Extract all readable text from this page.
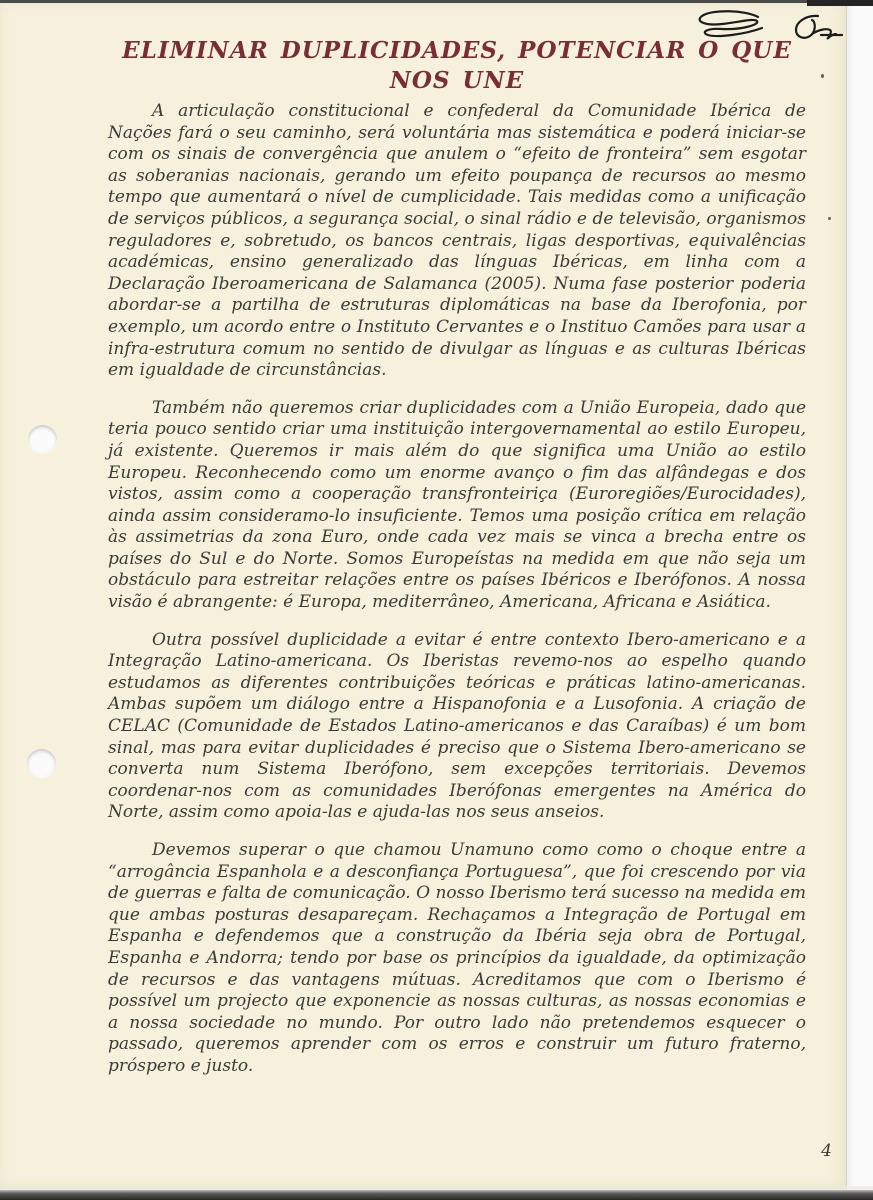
ELIMINAR DUPLICIDADES, POTENCIAR O QUE NOS UNE

A articulação constitucional e confederal da Comunidade Ibérica de Nações fará o seu caminho, será voluntária mas sistemática e poderá iniciar-se com os sinais de convergência que anulem o “efeito de fronteira” sem esgotar as soberanias nacionais, gerando um efeito poupança de recursos ao mesmo tempo que aumentará o nível de cumplicidade. Tais medidas como a unificação de serviços públicos, a segurança social, o sinal rádio e de televisão, organismos reguladores e, sobretudo, os bancos centrais, ligas desportivas, equivalências académicas, ensino generalizado das línguas Ibéricas, em linha com a Declaração Iberoamericana de Salamanca (2005). Numa fase posterior poderia abordar-se a partilha de estruturas diplomáticas na base da Iberofonia, por exemplo, um acordo entre o Instituto Cervantes e o Instituo Camões para usar a infra-estrutura comum no sentido de divulgar as línguas e as culturas Ibéricas em igualdade de circunstâncias.

Também não queremos criar duplicidades com a União Europeia, dado que teria pouco sentido criar uma instituição intergovernamental ao estilo Europeu, já existente. Queremos ir mais além do que significa uma União ao estilo Europeu. Reconhecendo como um enorme avanço o fim das alfândegas e dos vistos, assim como a cooperação transfronteiriça (Euroregiões/Eurocidades), ainda assim consideramo-lo insuficiente. Temos uma posição crítica em relação às assimetrias da zona Euro, onde cada vez mais se vinca a brecha entre os países do Sul e do Norte. Somos Europeístas na medida em que não seja um obstáculo para estreitar relações entre os países Ibéricos e Iberófonos. A nossa visão é abrangente: é Europa, mediterrâneo, Americana, Africana e Asiática.

Outra possível duplicidade a evitar é entre contexto Ibero-americano e a Integração Latino-americana. Os Iberistas revemo-nos ao espelho quando estudamos as diferentes contribuições teóricas e práticas latino-americanas. Ambas supõem um diálogo entre a Hispanofonia e a Lusofonia. A criação de CELAC (Comunidade de Estados Latino-americanos e das Caraíbas) é um bom sinal, mas para evitar duplicidades é preciso que o Sistema Ibero-americano se converta num Sistema Iberófono, sem excepções territoriais. Devemos coordenar-nos com as comunidades Iberófonas emergentes na América do Norte, assim como apoia-las e ajuda-las nos seus anseios.

Devemos superar o que chamou Unamuno como como o choque entre a “arrogância Espanhola e a desconfiança Portuguesa”, que foi crescendo por via de guerras e falta de comunicação. O nosso Iberismo terá sucesso na medida em que ambas posturas desapareçam. Rechaçamos a Integração de Portugal em Espanha e defendemos que a construção da Ibéria seja obra de Portugal, Espanha e Andorra; tendo por base os princípios da igualdade, da optimização de recursos e das vantagens mútuas. Acreditamos que com o Iberismo é possível um projecto que exponencie as nossas culturas, as nossas economias e a nossa sociedade no mundo. Por outro lado não pretendemos esquecer o passado, queremos aprender com os erros e construir um futuro fraterno, próspero e justo.

4
